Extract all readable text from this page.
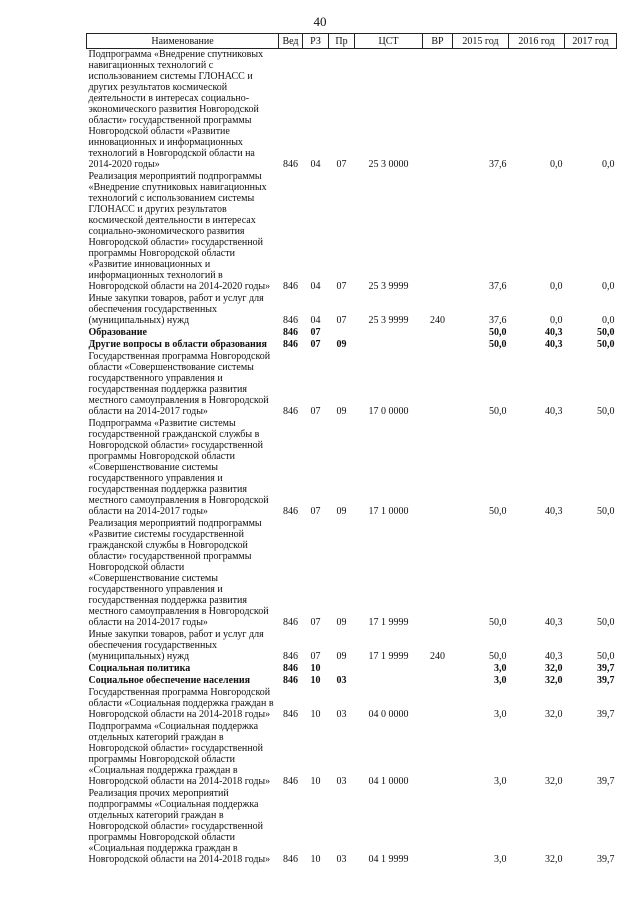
40
Наименование	Вед	РЗ	Пр	ЦСТ	ВР	2015 год	2016 год	2017 год
Подпрограмма «Внедрение спутниковых навигационных технологий с использованием системы ГЛОНАСС и других результатов космической деятельности в интересах социально-экономического развития Новгородской области» государственной программы Новгородской области «Развитие инновационных и информационных технологий в Новгородской области на 2014-2020 годы»	846	04	07	25 3 0000		37,6	0,0	0,0
Реализация мероприятий подпрограммы «Внедрение спутниковых навигационных технологий с использованием системы ГЛОНАСС и других результатов космической деятельности в интересах социально-экономического развития Новгородской области» государственной программы Новгородской области «Развитие инновационных и информационных технологий в Новгородской области на 2014-2020 годы»	846	04	07	25 3 9999		37,6	0,0	0,0
Иные закупки товаров, работ и услуг для обеспечения государственных (муниципальных) нужд	846	04	07	25 3 9999	240	37,6	0,0	0,0
Образование	846	07				50,0	40,3	50,0
Другие вопросы в области образования	846	07	09			50,0	40,3	50,0
Государственная программа Новгородской области «Совершенствование системы государственного управления и государственная поддержка развития местного самоуправления в Новгородской области на 2014-2017 годы»	846	07	09	17 0 0000		50,0	40,3	50,0
Подпрограмма «Развитие системы государственной гражданской службы в Новгородской области» государственной программы Новгородской области «Совершенствование системы государственного управления и государственная поддержка развития местного самоуправления в Новгородской области на 2014-2017 годы»	846	07	09	17 1 0000		50,0	40,3	50,0
Реализация мероприятий подпрограммы «Развитие системы государственной гражданской службы в Новгородской области» государственной программы Новгородской области «Совершенствование системы государственного управления и государственная поддержка развития местного самоуправления в Новгородской области на 2014-2017 годы»	846	07	09	17 1 9999		50,0	40,3	50,0
Иные закупки товаров, работ и услуг для обеспечения государственных (муниципальных) нужд	846	07	09	17 1 9999	240	50,0	40,3	50,0
Социальная политика	846	10				3,0	32,0	39,7
Социальное обеспечение населения	846	10	03			3,0	32,0	39,7
Государственная программа Новгородской области «Социальная поддержка граждан в Новгородской области на 2014-2018 годы»	846	10	03	04 0 0000		3,0	32,0	39,7
Подпрограмма «Социальная поддержка отдельных категорий граждан в Новгородской области» государственной программы Новгородской области «Социальная поддержка граждан в Новгородской области на 2014-2018 годы»	846	10	03	04 1 0000		3,0	32,0	39,7
Реализация прочих мероприятий подпрограммы «Социальная поддержка отдельных категорий граждан в Новгородской области» государственной программы Новгородской области «Социальная поддержка граждан в Новгородской области на 2014-2018 годы»	846	10	03	04 1 9999		3,0	32,0	39,7
